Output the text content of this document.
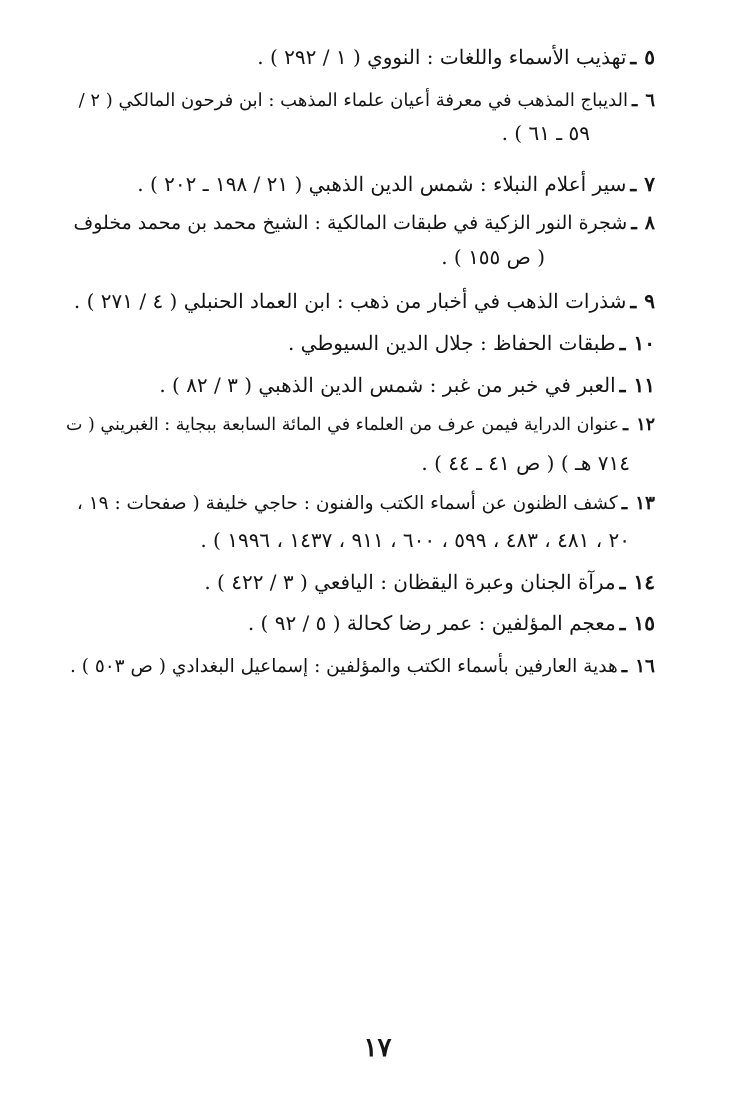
٥ـتهذيب الأسماء واللغات : النووي ( ١ / ٢٩٢ ) .
٦ـالديباج المذهب في معرفة أعيان علماء المذهب : ابن فرحون المالكي ( ٢ /
٥٩ ـ ٦١ ) .
٧ـسير أعلام النبلاء : شمس الدين الذهبي ( ٢١ / ١٩٨ ـ ٢٠٢ ) .
٨ـشجرة النور الزكية في طبقات المالكية : الشيخ محمد بن محمد مخلوف
( ص ١٥٥ ) .
٩ـشذرات الذهب في أخبار من ذهب : ابن العماد الحنبلي ( ٤ / ٢٧١ ) .
١٠ـطبقات الحفاظ : جلال الدين السيوطي .
١١ـالعبر في خبر من غبر : شمس الدين الذهبي ( ٣ / ٨٢ ) .
١٢ـعنوان الدراية فيمن عرف من العلماء في المائة السابعة ببجاية : الغبريني ( ت
٧١٤ هـ ) ( ص ٤١ ـ ٤٤ ) .
١٣ـكشف الظنون عن أسماء الكتب والفنون : حاجي خليفة ( صفحات : ١٩ ،
٢٠ ، ٤٨١ ، ٤٨٣ ، ٥٩٩ ، ٦٠٠ ، ٩١١ ، ١٤٣٧ ، ١٩٩٦ ) .
١٤ـمرآة الجنان وعبرة اليقظان : اليافعي ( ٣ / ٤٢٢ ) .
١٥ـمعجم المؤلفين : عمر رضا كحالة ( ٥ / ٩٢ ) .
١٦ـهدية العارفين بأسماء الكتب والمؤلفين : إسماعيل البغدادي ( ص ٥٠٣ ) .
١٧
